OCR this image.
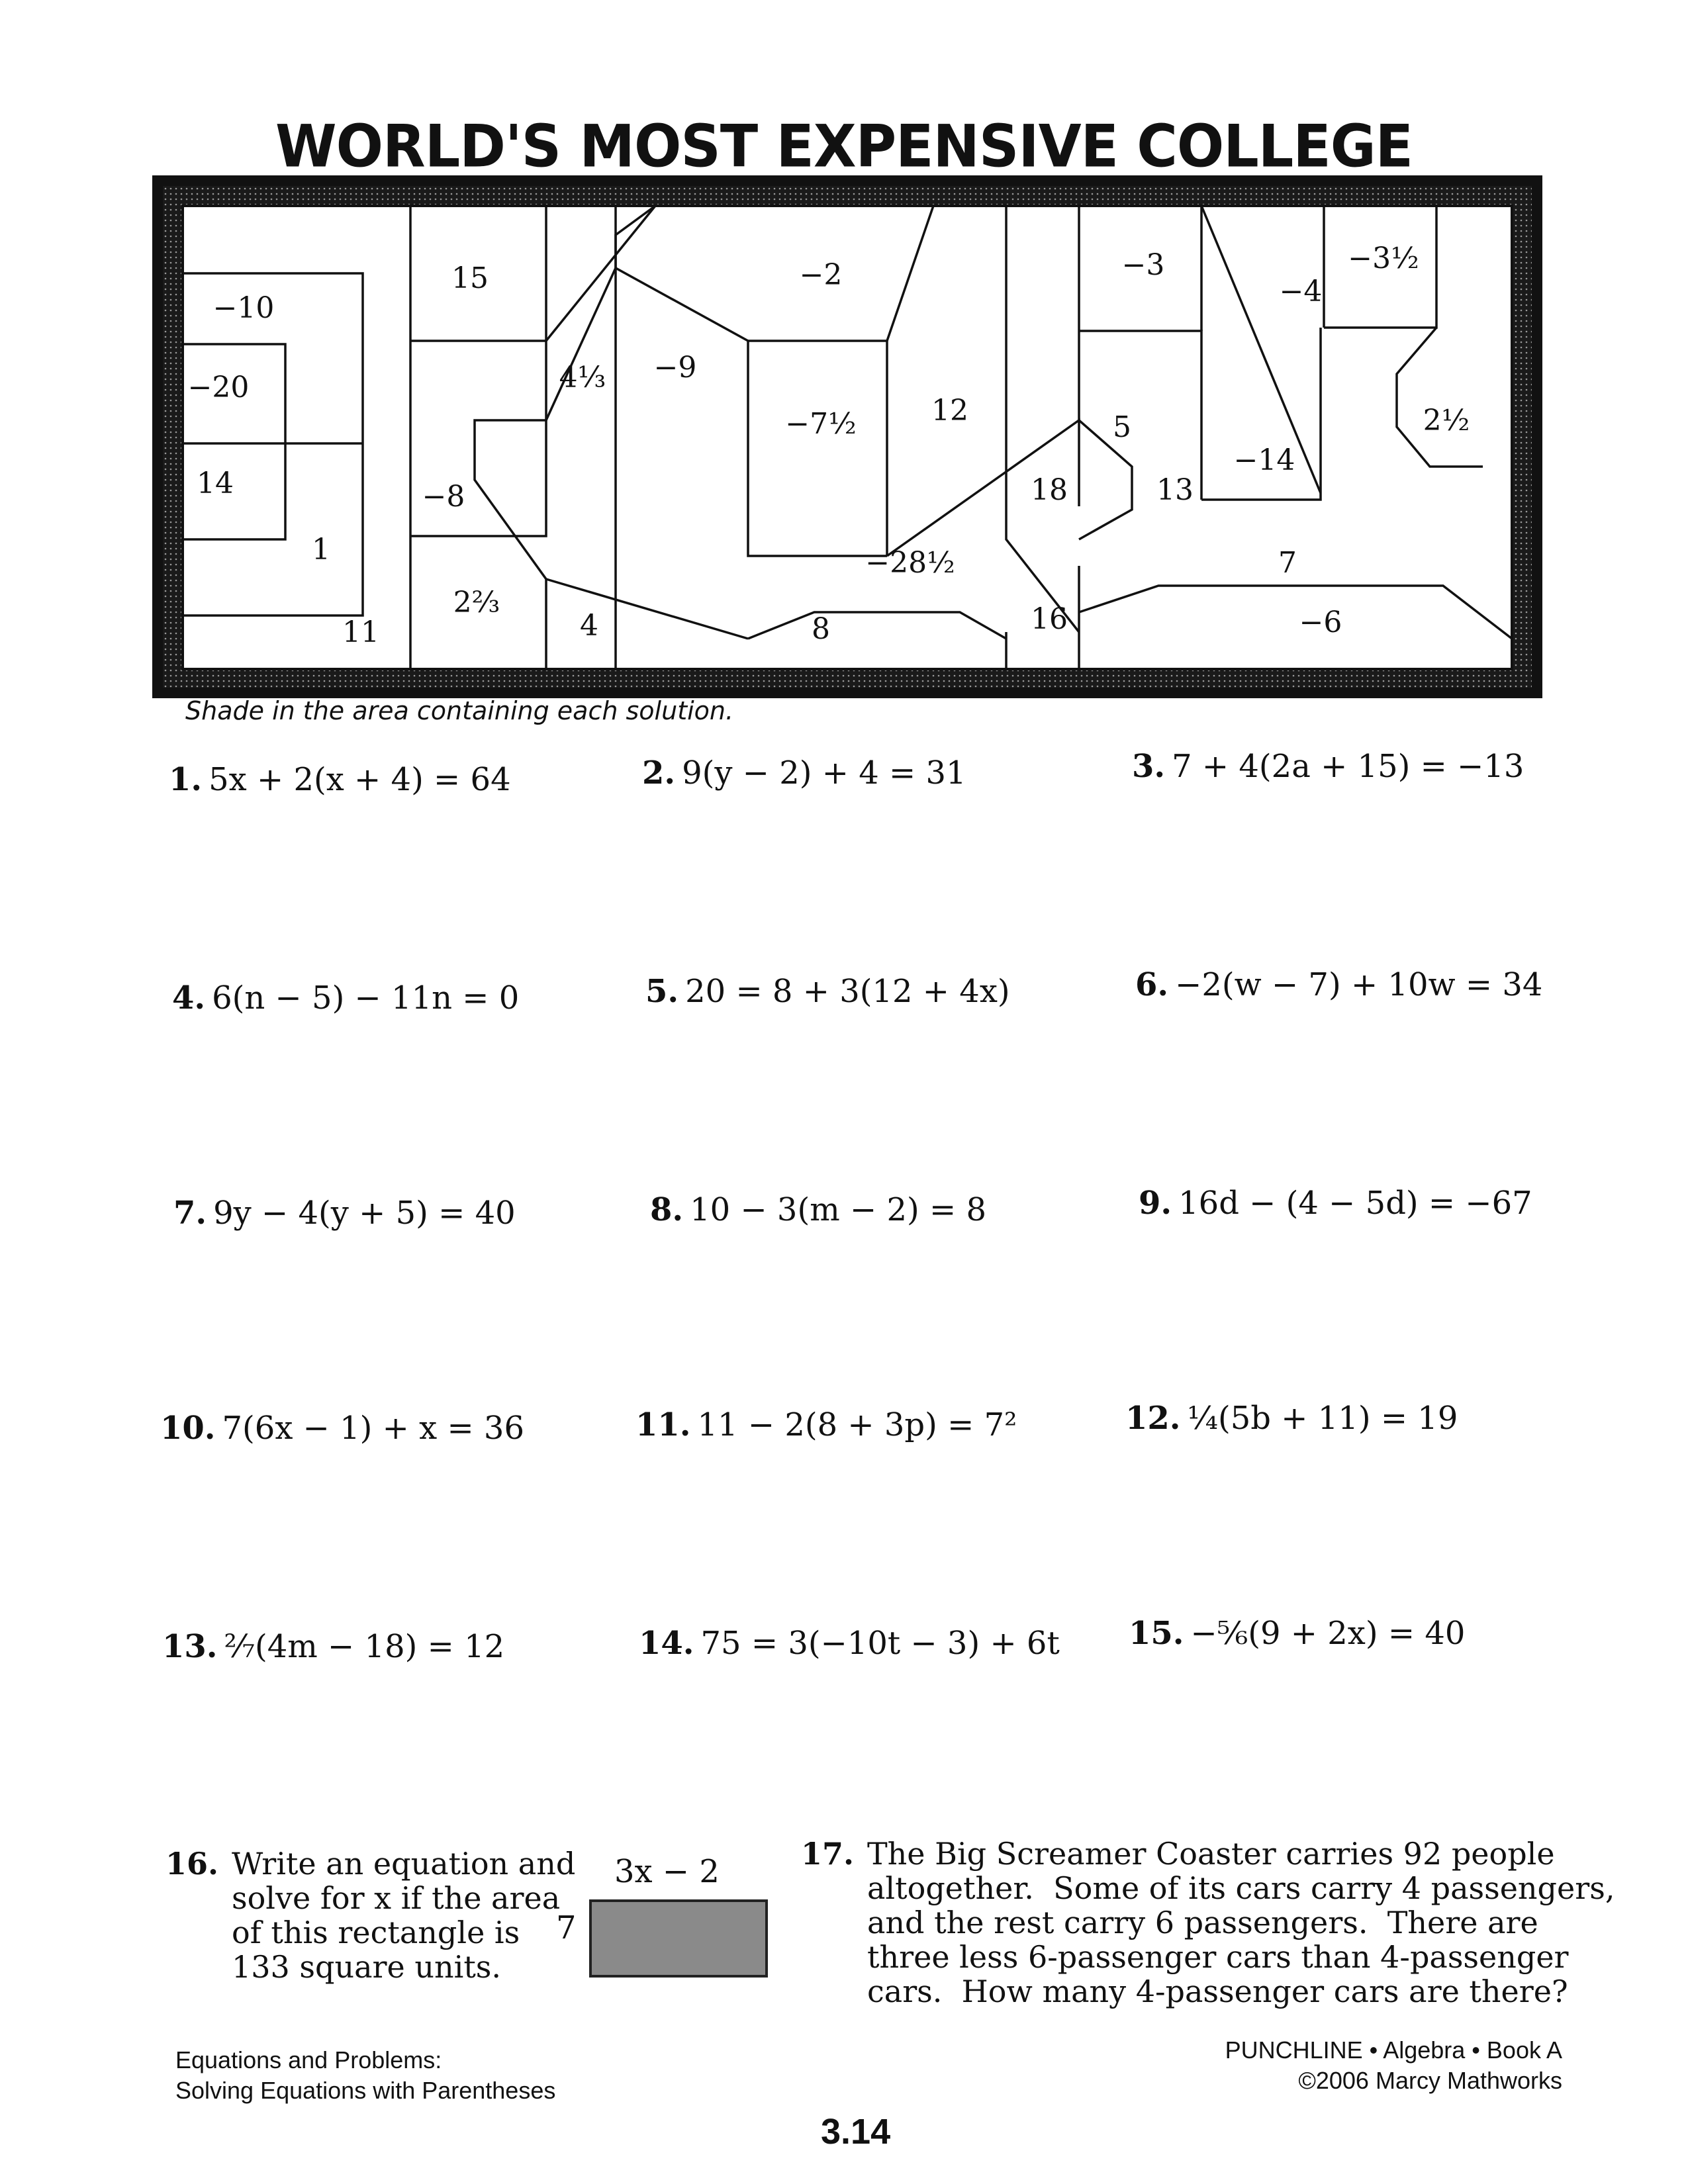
WORLD'S MOST EXPENSIVE COLLEGE
−10
−20
14
1
11
15
−8
2⅔
4
4⅓ −9
−2
−7½	12
−28½
8
18
16
−3
5
13
−4
−14
−3½
2½
7
−6
Shade in the area containing each solution.
1. 5x + 2(x + 4) = 64	2. 9(y − 2) + 4 = 31	3. 7 + 4(2a + 15) = −13
4. 6(n − 5) − 11n = 0	5. 20 = 8 + 3(12 + 4x)	6. −2(w − 7) + 10w = 34
7. 9y − 4(y + 5) = 40	8. 10 − 3(m − 2) = 8	9. 16d − (4 − 5d) = −67
10. 7(6x − 1) + x = 36	11. 11 − 2(8 + 3p) = 7²	12. ¼(5b + 11) = 19
13. ²⁄₇(4m − 18) = 12	14. 75 = 3(−10t − 3) + 6t 15. −⅚(9 + 2x) = 40
16. Write an equation and
solve for x if the area
of this rectangle is
133 square units.
3x − 2
7
17. The Big Screamer Coaster carries 92 people
altogether.  Some of its cars carry 4 passengers,
and the rest carry 6 passengers.  There are
three less 6-passenger cars than 4-passenger
cars.  How many 4-passenger cars are there?
Equations and Problems:
Solving Equations with Parentheses
PUNCHLINE • Algebra • Book A
©2006 Marcy Mathworks
3.14
